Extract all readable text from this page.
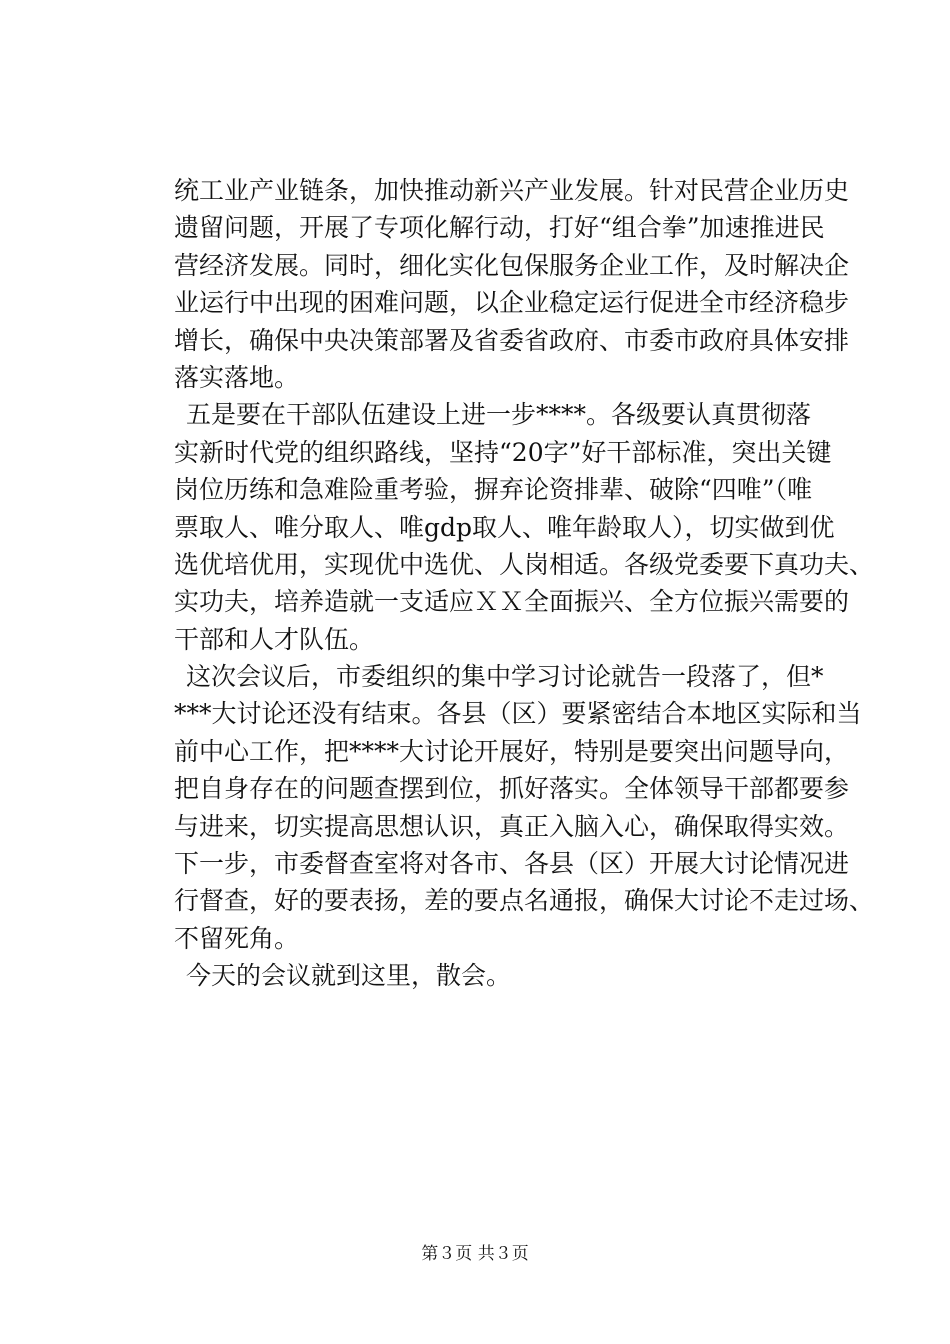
统工业产业链条，加快推动新兴产业发展。针对民营企业历史
遗留问题，开展了专项化解行动，打好“组合拳”加速推进民
营经济发展。同时，细化实化包保服务企业工作，及时解决企
业运行中出现的困难问题，以企业稳定运行促进全市经济稳步
增长，确保中央决策部署及省委省政府、市委市政府具体安排
落实落地。
五是要在干部队伍建设上进一步****。各级要认真贯彻落
实新时代党的组织路线，坚持“20字”好干部标准，突出关键
岗位历练和急难险重考验，摒弃论资排辈、破除“四唯”（唯
票取人、唯分取人、唯gdp取人、唯年龄取人），切实做到优
选优培优用，实现优中选优、人岗相适。各级党委要下真功夫、
实功夫，培养造就一支适应ＸＸ全面振兴、全方位振兴需要的
干部和人才队伍。
这次会议后，市委组织的集中学习讨论就告一段落了，但*
***大讨论还没有结束。各县（区）要紧密结合本地区实际和当
前中心工作，把****大讨论开展好，特别是要突出问题导向，
把自身存在的问题查摆到位，抓好落实。全体领导干部都要参
与进来，切实提高思想认识，真正入脑入心，确保取得实效。
下一步，市委督查室将对各市、各县（区）开展大讨论情况进
行督查，好的要表扬，差的要点名通报，确保大讨论不走过场、
不留死角。
今天的会议就到这里，散会。
第３页 共３页
